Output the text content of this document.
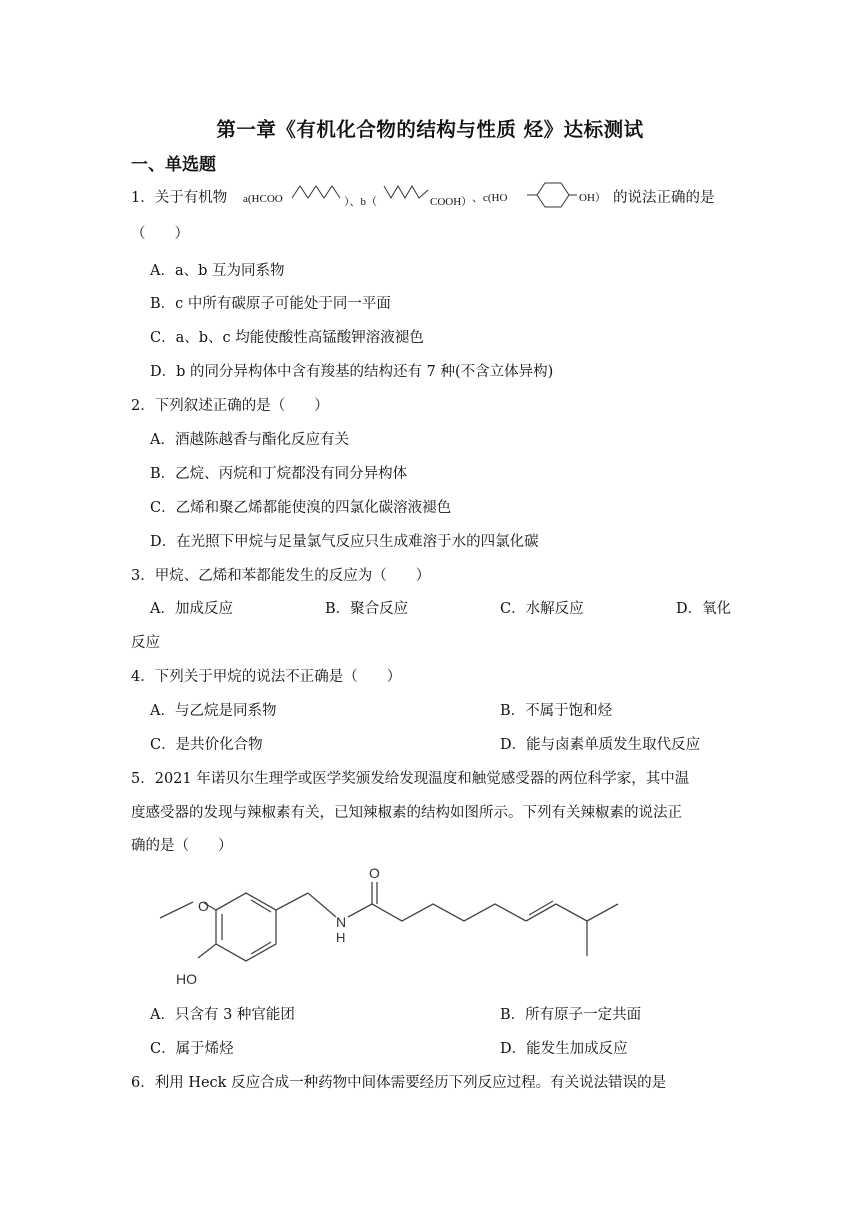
第一章《有机化合物的结构与性质 烃》达标测试
一、单选题
1．关于有机物 a(HCOO	）、b（	COOH） 、c(HO	OH） 的说法正确的是
（　　）
A．a、b 互为同系物
B．c 中所有碳原子可能处于同一平面
C．a、b、c 均能使酸性高锰酸钾溶液褪色
D．b 的同分异构体中含有羧基的结构还有 7 种(不含立体异构)
2．下列叙述正确的是（　　）
A．酒越陈越香与酯化反应有关
B．乙烷、丙烷和丁烷都没有同分异构体
C．乙烯和聚乙烯都能使溴的四氯化碳溶液褪色
D．在光照下甲烷与足量氯气反应只生成难溶于水的四氯化碳
3．甲烷、乙烯和苯都能发生的反应为（　　）
A．加成反应	B．聚合反应	C．水解反应	D．氧化
反应
4．下列关于甲烷的说法不正确是（　　）
A．与乙烷是同系物	B．不属于饱和烃
C．是共价化合物	D．能与卤素单质发生取代反应
5．2021 年诺贝尔生理学或医学奖颁发给发现温度和触觉感受器的两位科学家，其中温
度感受器的发现与辣椒素有关，已知辣椒素的结构如图所示。下列有关辣椒素的说法正
确的是（　　）
O
O
N
H
HO
A．只含有 3 种官能团	B．所有原子一定共面
C．属于烯烃	D．能发生加成反应
6．利用 Heck 反应合成一种药物中间体需要经历下列反应过程。有关说法错误的是
